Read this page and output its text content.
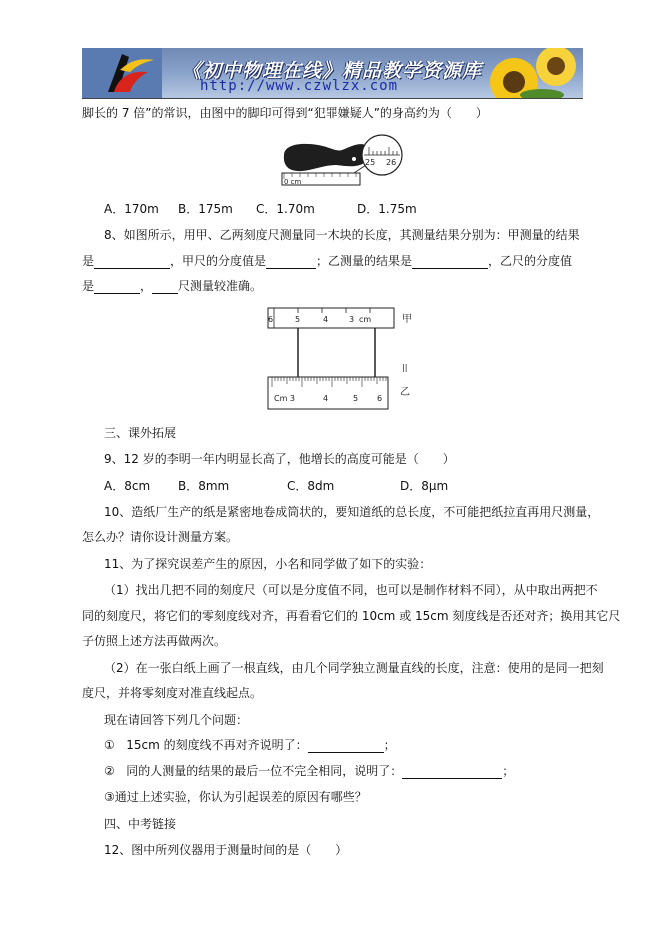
《初中物理在线》精品教学资源库
http://www.czwlzx.com
脚长的 7 倍”的常识，由图中的脚印可得到“犯罪嫌疑人”的身高约为（　　）
0 cm
25 26
A．170m B．175m C．1.70m	D．1.75m
8、如图所示，用甲、乙两刻度尺测量同一木块的长度，其测量结果分别为：甲测量的结果
是	，甲尺的分度值是	；乙测量的结果是	，乙尺的分度值
是	， 尺测量较准确。
6	5	4	3 cm	甲
||
Cm 3	4	5 6
乙
三、课外拓展
9、12 岁的李明一年内明显长高了，他增长的高度可能是（　　）
A．8cm B．8mm	C．8dm	D．8μm
10、造纸厂生产的纸是紧密地卷成筒状的，要知道纸的总长度，不可能把纸拉直再用尺测量，
怎么办？请你设计测量方案。
11、为了探究误差产生的原因，小名和同学做了如下的实验：
（1）找出几把不同的刻度尺（可以是分度值不同，也可以是制作材料不同），从中取出两把不
同的刻度尺，将它们的零刻度线对齐，再看看它们的 10cm 或 15cm 刻度线是否还对齐；换用其它尺
子仿照上述方法再做两次。
（2）在一张白纸上画了一根直线，由几个同学独立测量直线的长度，注意：使用的是同一把刻
度尺，并将零刻度对准直线起点。
现在请回答下列几个问题：
① 15cm 的刻度线不再对齐说明了：	；
② 同的人测量的结果的最后一位不完全相同，说明了：	；
③通过上述实验，你认为引起误差的原因有哪些？
四、中考链接
12、图中所列仪器用于测量时间的是（　　）
